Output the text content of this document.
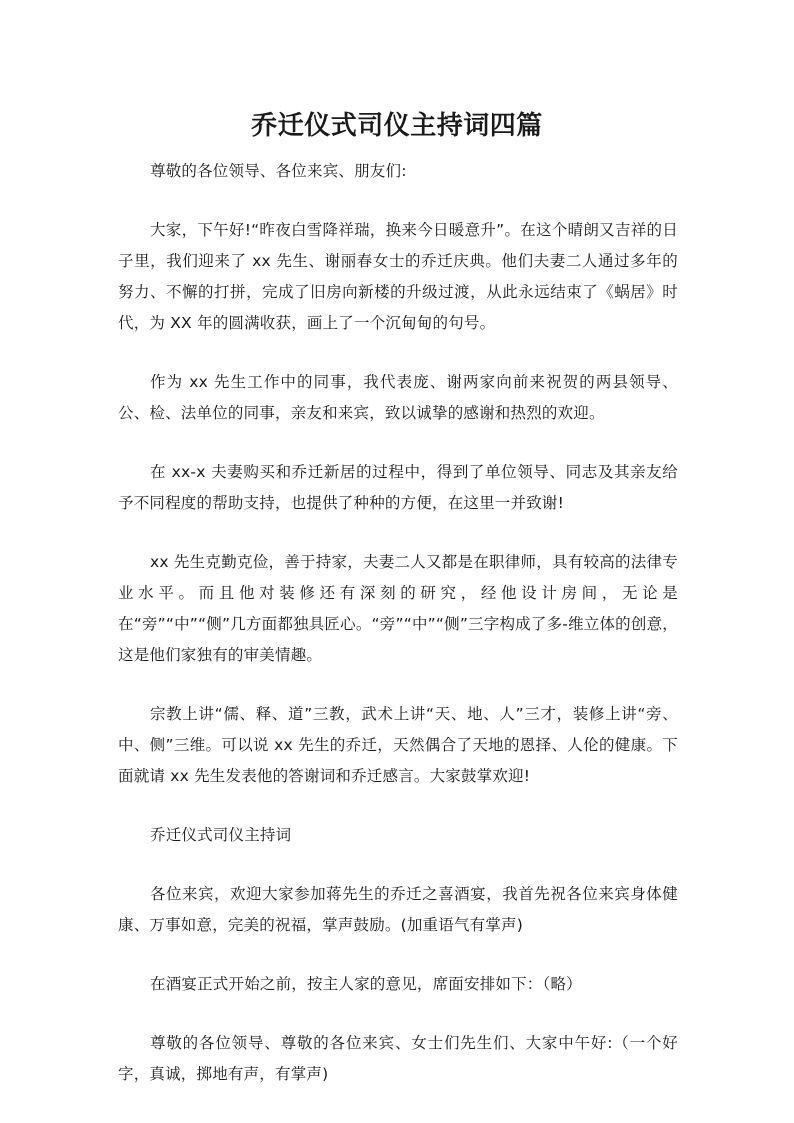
乔迁仪式司仪主持词四篇

尊敬的各位领导、各位来宾、朋友们:

大家，下午好!“昨夜白雪降祥瑞，换来今日暖意升”。在这个晴朗又吉祥的日子里，我们迎来了 xx 先生、谢丽春女士的乔迁庆典。他们夫妻二人通过多年的努力、不懈的打拼，完成了旧房向新楼的升级过渡，从此永远结束了《蜗居》时代，为 XX 年的圆满收获，画上了一个沉甸甸的句号。

作为 xx 先生工作中的同事，我代表庞、谢两家向前来祝贺的两县领导、公、检、法单位的同事，亲友和来宾，致以诚挚的感谢和热烈的欢迎。

在 xx-x 夫妻购买和乔迁新居的过程中，得到了单位领导、同志及其亲友给予不同程度的帮助支持，也提供了种种的方便，在这里一并致谢!

xx 先生克勤克俭，善于持家，夫妻二人又都是在职律师，具有较高的法律专业水平。而且他对装修还有深刻的研究，经他设计房间，无论是在“旁”“中”“侧”几方面都独具匠心。“旁”“中”“侧”三字构成了多-维立体的创意，这是他们家独有的审美情趣。

宗教上讲“儒、释、道”三教，武术上讲“天、地、人”三才，装修上讲“旁、中、侧”三维。可以说 xx 先生的乔迁，天然偶合了天地的恩择、人伦的健康。下面就请 xx 先生发表他的答谢词和乔迁感言。大家鼓掌欢迎!

乔迁仪式司仪主持词

各位来宾，欢迎大家参加蒋先生的乔迁之喜酒宴，我首先祝各位来宾身体健康、万事如意，完美的祝福，掌声鼓励。(加重语气有掌声)

在酒宴正式开始之前，按主人家的意见，席面安排如下：（略）

尊敬的各位领导、尊敬的各位来宾、女士们先生们、大家中午好:（一个好字，真诚，掷地有声，有掌声)
